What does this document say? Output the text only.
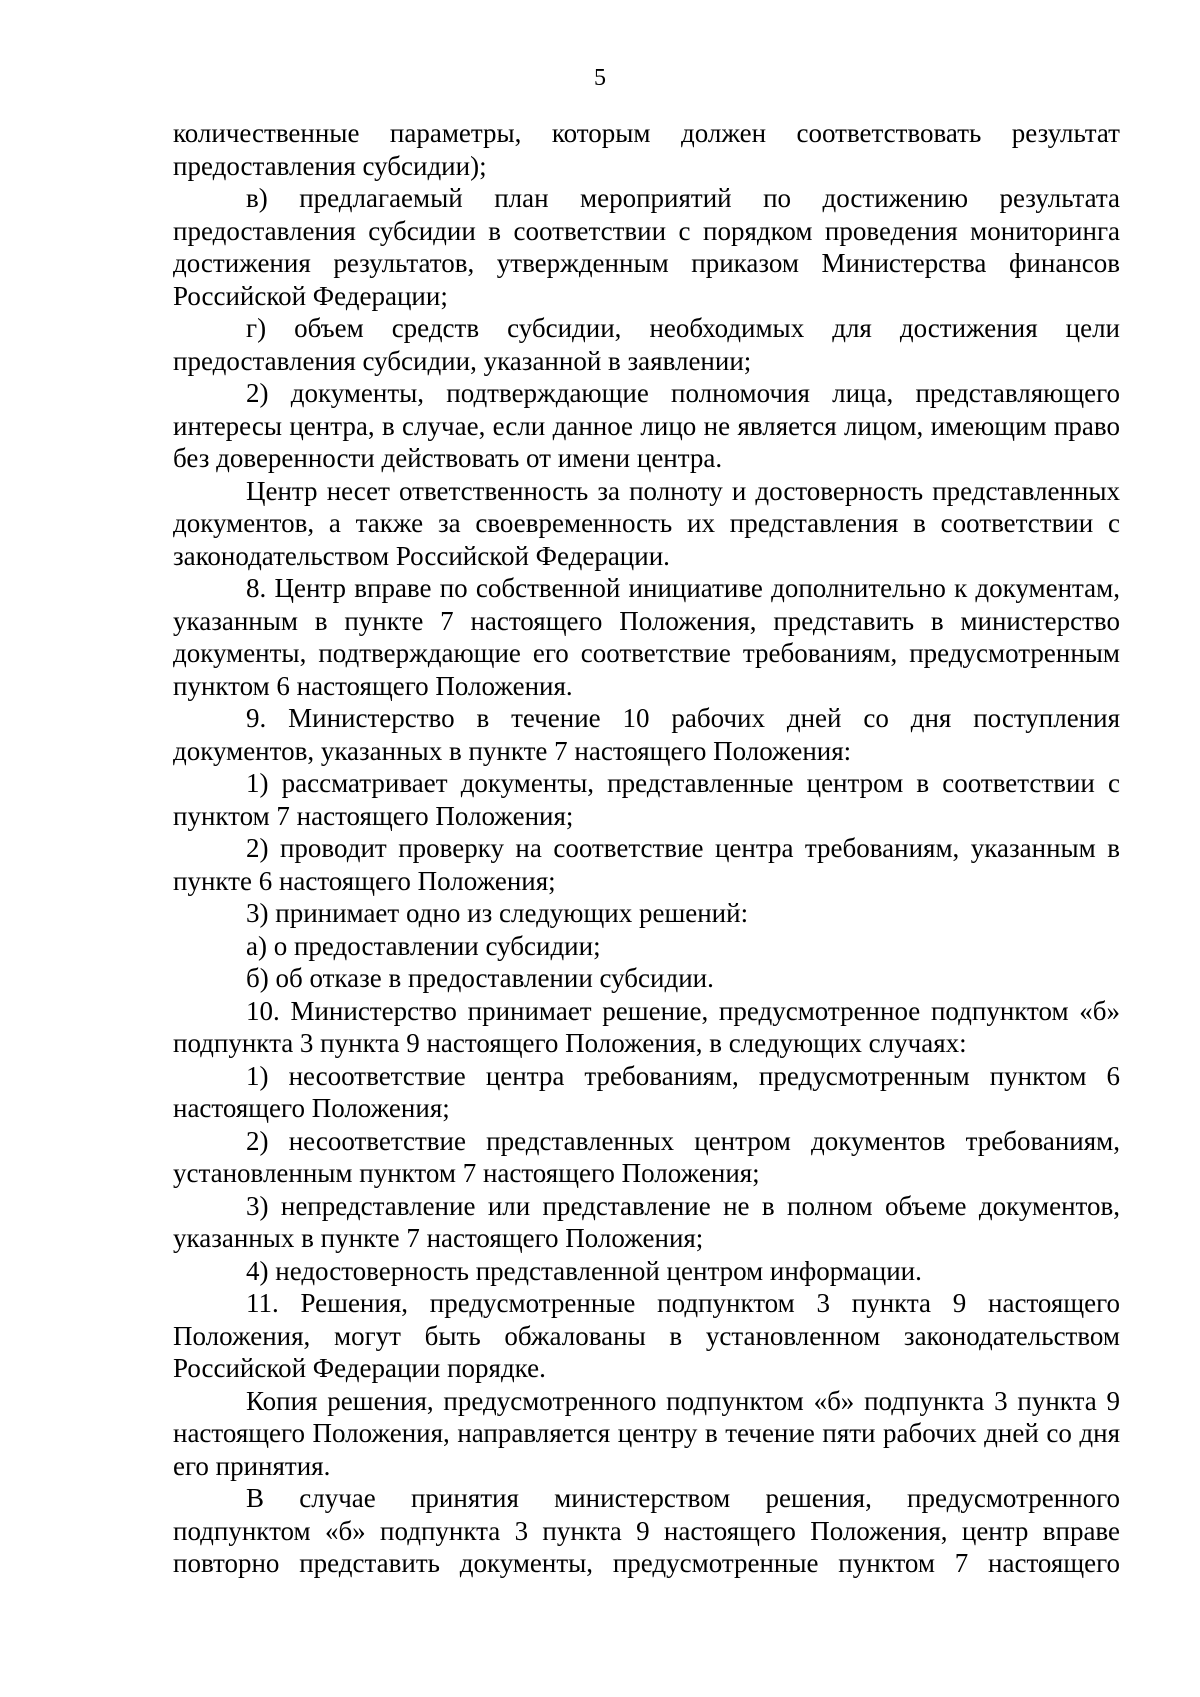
5

количественные параметры, которым должен соответствовать результат предоставления субсидии);

в) предлагаемый план мероприятий по достижению результата предоставления субсидии в соответствии с порядком проведения мониторинга достижения результатов, утвержденным приказом Министерства финансов Российской Федерации;

г) объем средств субсидии, необходимых для достижения цели предоставления субсидии, указанной в заявлении;

2) документы, подтверждающие полномочия лица, представляющего интересы центра, в случае, если данное лицо не является лицом, имеющим право без доверенности действовать от имени центра.

Центр несет ответственность за полноту и достоверность представленных документов, а также за своевременность их представления в соответствии с законодательством Российской Федерации.

8. Центр вправе по собственной инициативе дополнительно к документам, указанным в пункте 7 настоящего Положения, представить в министерство документы, подтверждающие его соответствие требованиям, предусмотренным пунктом 6 настоящего Положения.

9. Министерство в течение 10 рабочих дней со дня поступления документов, указанных в пункте 7 настоящего Положения:

1) рассматривает документы, представленные центром в соответствии с пунктом 7 настоящего Положения;

2) проводит проверку на соответствие центра требованиям, указанным в пункте 6 настоящего Положения;

3) принимает одно из следующих решений:

а) о предоставлении субсидии;

б) об отказе в предоставлении субсидии.

10. Министерство принимает решение, предусмотренное подпунктом «б» подпункта 3 пункта 9 настоящего Положения, в следующих случаях:

1) несоответствие центра требованиям, предусмотренным пунктом 6 настоящего Положения;

2) несоответствие представленных центром документов требованиям, установленным пунктом 7 настоящего Положения;

3) непредставление или представление не в полном объеме документов, указанных в пункте 7 настоящего Положения;

4) недостоверность представленной центром информации.

11. Решения, предусмотренные подпунктом 3 пункта 9 настоящего Положения, могут быть обжалованы в установленном законодательством Российской Федерации порядке.

Копия решения, предусмотренного подпунктом «б» подпункта 3 пункта 9 настоящего Положения, направляется центру в течение пяти рабочих дней со дня его принятия.

В случае принятия министерством решения, предусмотренного подпунктом «б» подпункта 3 пункта 9 настоящего Положения, центр вправе повторно представить документы, предусмотренные пунктом 7 настоящего
